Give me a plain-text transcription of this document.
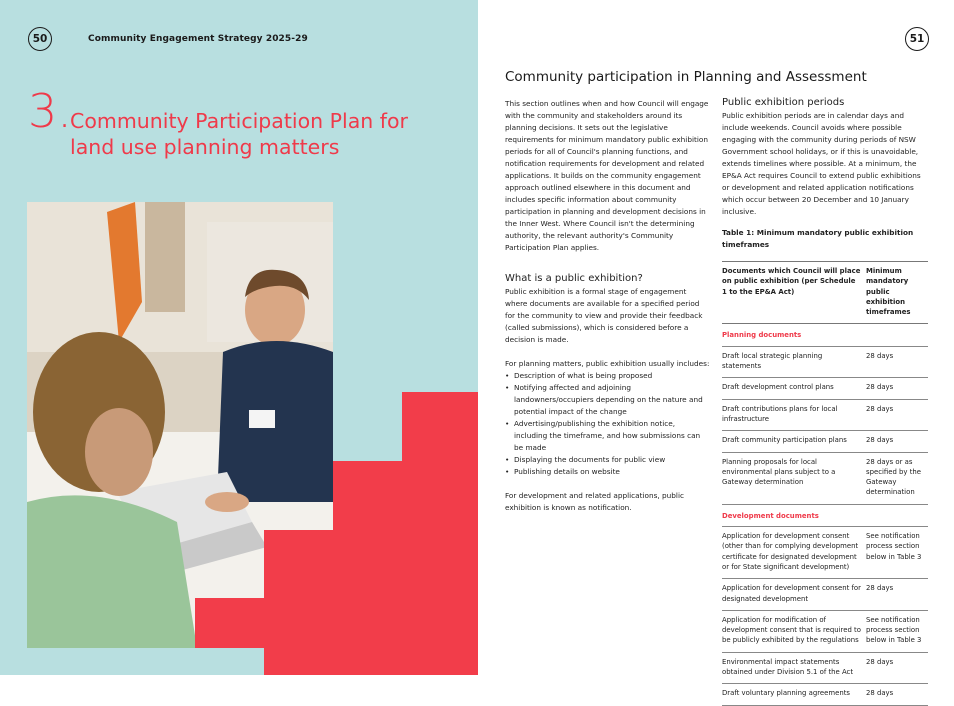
50	Community Engagement Strategy 2025-29
3.
Community Participation Plan for land use planning matters
51
Community participation in Planning and Assessment

This section outlines when and how Council will engage with the community and stakeholders around its planning decisions. It sets out the legislative requirements for minimum mandatory public exhibition periods for all of Council's planning functions, and notification requirements for development and related applications. It builds on the community engagement approach outlined elsewhere in this document and includes specific information about community participation in planning and development decisions in the Inner West. Where Council isn't the determining authority, the relevant authority's Community Participation Plan applies.

What is a public exhibition?

Public exhibition is a formal stage of engagement where documents are available for a specified period for the community to view and provide their feedback (called submissions), which is considered before a decision is made.

For planning matters, public exhibition usually includes:

• Description of what is being proposed
• Notifying affected and adjoining landowners/occupiers depending on the nature and potential impact of the change
• Advertising/publishing the exhibition notice, including the timeframe, and how submissions can be made
• Displaying the documents for public view
• Publishing details on website

For development and related applications, public exhibition is known as notification.

Public exhibition periods

Public exhibition periods are in calendar days and include weekends. Council avoids where possible engaging with the community during periods of NSW Government school holidays, or if this is unavoidable, extends timelines where possible. At a minimum, the EP&A Act requires Council to extend public exhibitions or development and related application notifications which occur between 20 December and 10 January inclusive.

Table 1: Minimum mandatory public exhibition timeframes
Documents which Council will place on public exhibition (per Schedule 1 to the EP&A Act)	Minimum mandatory public exhibition timeframes
Planning documents	
Draft local strategic planning statements	28 days
Draft development control plans	28 days
Draft contributions plans for local infrastructure	28 days
Draft community participation plans	28 days
Planning proposals for local environmental plans subject to a Gateway determination	28 days or as specified by the Gateway determination
Development documents	
Application for development consent (other than for complying development certificate for designated development or for State significant development)	See notification process section below in Table 3
Application for development consent for designated development	28 days
Application for modification of development consent that is required to be publicly exhibited by the regulations	See notification process section below in Table 3
Environmental impact statements obtained under Division 5.1 of the Act	28 days
Draft voluntary planning agreements	28 days
